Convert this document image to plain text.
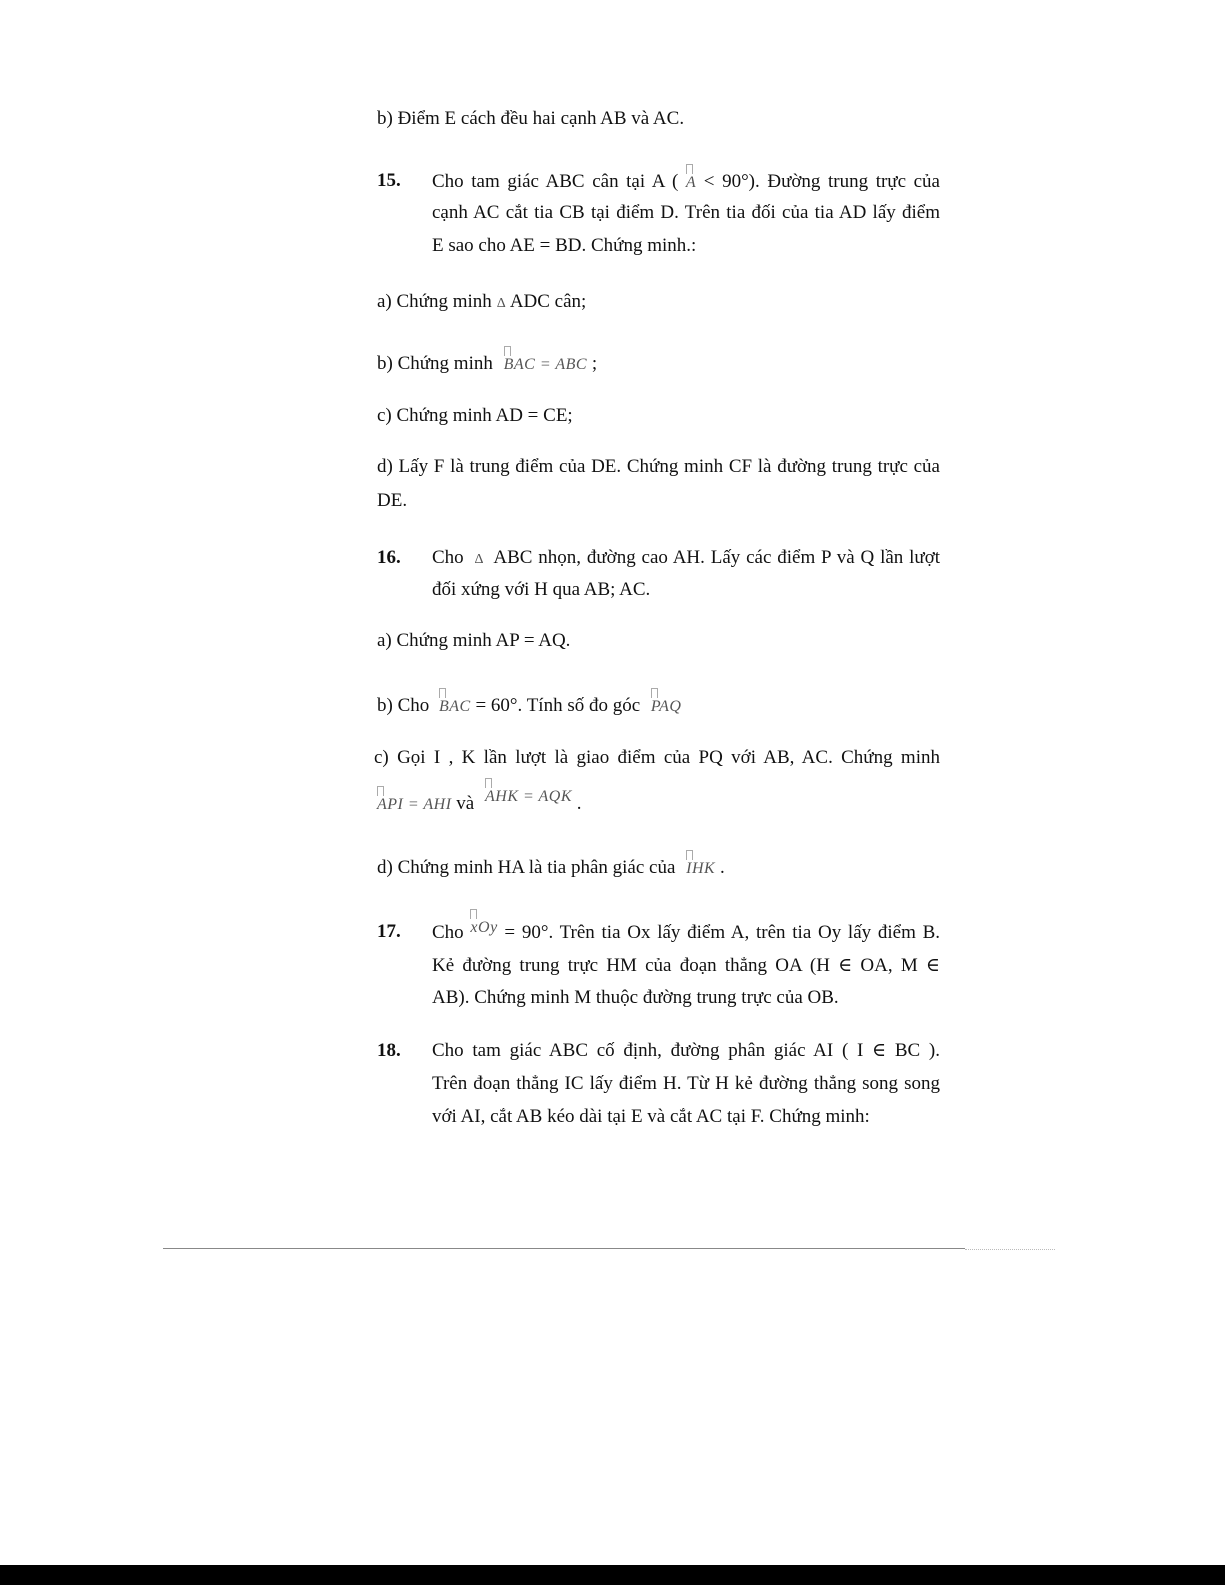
b) Điểm E cách đều hai cạnh AB và AC.
15. Cho tam giác ABC cân tại A ( A < 90°). Đường trung trực của
cạnh AC cắt tia CB tại điểm D. Trên tia đối của tia AD lấy điểm
E sao cho AE = BD. Chứng minh.:
a) Chứng minh Δ ADC cân;
b) Chứng minh BAC = ABC ;
c) Chứng minh AD = CE;
d) Lấy F là trung điểm của DE. Chứng minh CF là đường trung trực của
DE.
16. Cho Δ ABC nhọn, đường cao AH. Lấy các điểm P và Q lần lượt
đối xứng với H qua AB; AC.
a) Chứng minh AP = AQ.
b) Cho BAC = 60°. Tính số đo góc PAQ
c) Gọi I , K lần lượt là giao điểm của PQ với AB, AC. Chứng minh
API = AHI và AHK = AQK .
d) Chứng minh HA là tia phân giác của IHK .
17. Cho xOy = 90°. Trên tia Ox lấy điểm A, trên tia Oy lấy điểm B.
Kẻ đường trung trực HM của đoạn thẳng OA (H ∈ OA, M ∈
AB). Chứng minh M thuộc đường trung trực của OB.
18. Cho tam giác ABC cố định, đường phân giác AI ( I ∈ BC ).
Trên đoạn thẳng IC lấy điểm H. Từ H kẻ đường thẳng song song
với AI, cắt AB kéo dài tại E và cắt AC tại F. Chứng minh:
